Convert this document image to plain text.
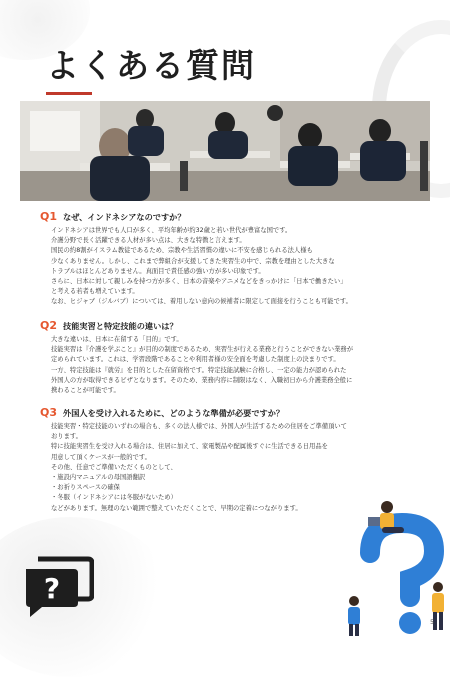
よくある質問
Q1 なぜ、インドネシアなのですか？

インドネシアは世界でも人口が多く、平均年齢が約32歳と若い世代が豊富な国です。

介護分野で長く活躍できる人材が多い点は、大きな特徴と言えます。

国民の約8割がイスラム教徒であるため、宗教や生活習慣の違いに不安を感じられる法人様も

少なくありません。しかし、これまで弊組合が支援してきた実習生の中で、宗教を理由とした大きな

トラブルはほとんどありません。真面目で責任感の強い方が多い印象です。

さらに、日本に対して親しみを持つ方が多く、日本の音楽やアニメなどをきっかけに「日本で働きたい」

と考える若者も増えています。

なお、ヒジャブ（ジルバブ）については、着用しない意向の候補者に限定して面接を行うことも可能です。

Q2 技能実習と特定技能の違いは？

大きな違いは、日本に在留する「目的」です。

技能実習は『介護を学ぶこと』が目的の制度であるため、実習生が行える業務と行うことができない業務が

定められています。これは、学習段階であることや利用者様の安全面を考慮した制度上の決まりです。

一方、特定技能は『就労』を目的とした在留資格です。特定技能試験に合格し、一定の能力が認められた

外国人の方が取得できるビザとなります。そのため、業務内容に制限はなく、入職初日から介護業務全般に

携わることが可能です。

Q3 外国人を受け入れるために、どのような準備が必要ですか？

技能実習・特定技能のいずれの場合も、多くの法人様では、外国人が生活するための住居をご準備頂いて

おります。

特に技能実習生を受け入れる場合は、住居に加えて、家電製品や配属後すぐに生活できる日用品を

用意して頂くケースが一般的です。

その他、任意でご準備いただくものとして、

・施設内マニュアルの母国語翻訳

・お祈りスペースの確保

・冬服（インドネシアには冬服がないため）

などがあります。無理のない範囲で整えていただくことで、早期の定着につながります。

?
5
